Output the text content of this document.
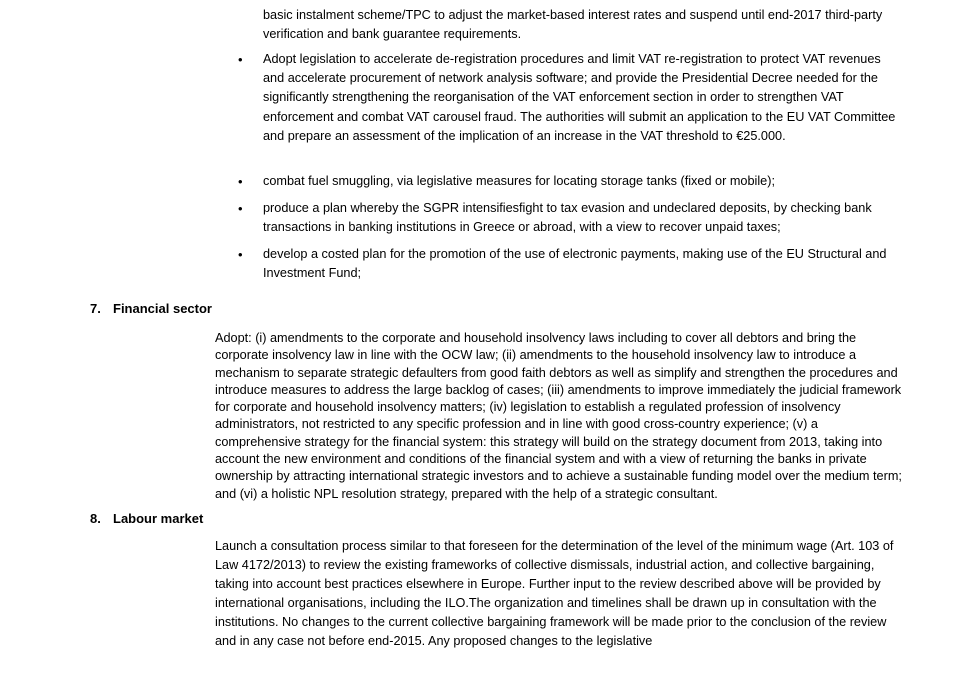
basic instalment scheme/TPC to adjust the market-based interest rates and suspend until end-2017 third-party verification and bank guarantee requirements.
• Adopt legislation to accelerate de-registration procedures and limit VAT re-registration to protect VAT revenues and accelerate procurement of network analysis software; and provide the Presidential Decree needed for the significantly strengthening the reorganisation of the VAT enforcement section in order to strengthen VAT enforcement and combat VAT carousel fraud. The authorities will submit an application to the EU VAT Committee and prepare an assessment of the implication of an increase in the VAT threshold to €25.000.
• combat fuel smuggling, via legislative measures for locating storage tanks (fixed or mobile);
• produce a plan whereby the SGPR intensifiesfight to tax evasion and undeclared deposits, by checking bank transactions in banking institutions in Greece or abroad, with a view to recover unpaid taxes;
• develop a costed plan for the promotion of the use of electronic payments, making use of the EU Structural and Investment Fund;
7. Financial sector
Adopt: (i) amendments to the corporate and household insolvency laws including to cover all debtors and bring the corporate insolvency law in line with the OCW law; (ii) amendments to the household insolvency law to introduce a mechanism to separate strategic defaulters from good faith debtors as well as simplify and strengthen the procedures and introduce measures to address the large backlog of cases; (iii) amendments to improve immediately the judicial framework for corporate and household insolvency matters; (iv) legislation to establish a regulated profession of insolvency administrators, not restricted to any specific profession and in line with good cross-country experience; (v) a comprehensive strategy for the financial system: this strategy will build on the strategy document from 2013, taking into account the new environment and conditions of the financial system and with a view of returning the banks in private ownership by attracting international strategic investors and to achieve a sustainable funding model over the medium term; and (vi) a holistic NPL resolution strategy, prepared with the help of a strategic consultant.
8. Labour market
Launch a consultation process similar to that foreseen for the determination of the level of the minimum wage (Art. 103 of Law 4172/2013) to review the existing frameworks of collective dismissals, industrial action, and collective bargaining, taking into account best practices elsewhere in Europe. Further input to the review described above will be provided by international organisations, including the ILO.The organization and timelines shall be drawn up in consultation with the institutions. No changes to the current collective bargaining framework will be made prior to the conclusion of the review and in any case not before end-2015. Any proposed changes to the legislative
